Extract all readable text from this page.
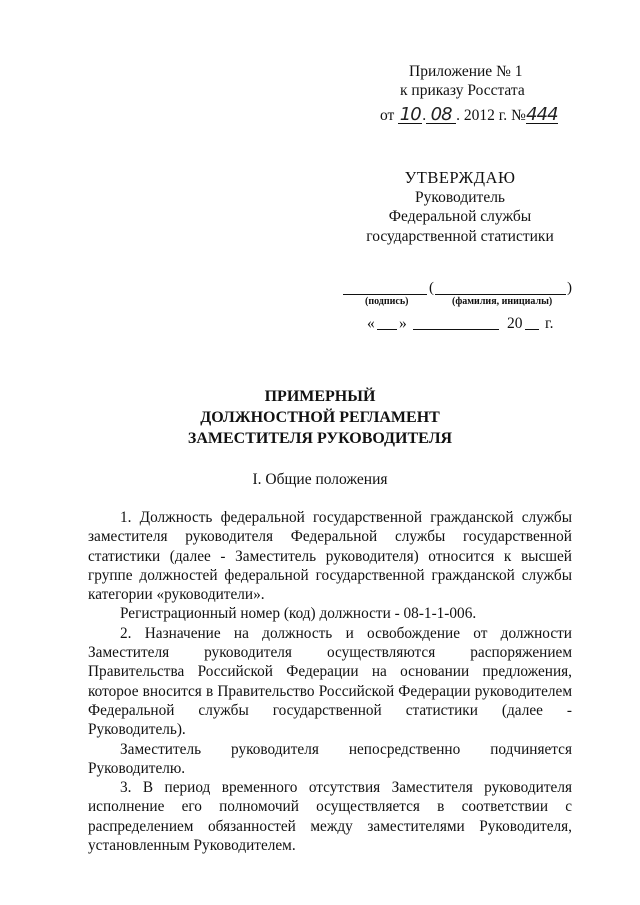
Приложение № 1
к приказу Росстата
от 10. 08 . 2012 г. №444
УТВЕРЖДАЮ
Руководитель
Федеральной службы
государственной статистики
(	)
(подпись)	(фамилия, инициалы)
« »	20 г.
ПРИМЕРНЫЙ
ДОЛЖНОСТНОЙ РЕГЛАМЕНТ
ЗАМЕСТИТЕЛЯ РУКОВОДИТЕЛЯ
I. Общие положения

1. Должность федеральной государственной гражданской службы заместителя руководителя Федеральной службы государственной статистики (далее - Заместитель руководителя) относится к высшей группе должностей федеральной государственной гражданской службы категории «руководители».

Регистрационный номер (код) должности - 08-1-1-006.

2. Назначение на должность и освобождение от должности Заместителя руководителя осуществляются распоряжением Правительства Российской Федерации на основании предложения, которое вносится в Правительство Российской Федерации руководителем Федеральной службы государственной статистики (далее - Руководитель).

Заместитель руководителя непосредственно подчиняется Руководителю.

3. В период временного отсутствия Заместителя руководителя исполнение его полномочий осуществляется в соответствии с распределением обязанностей между заместителями Руководителя, установленным Руководителем.
